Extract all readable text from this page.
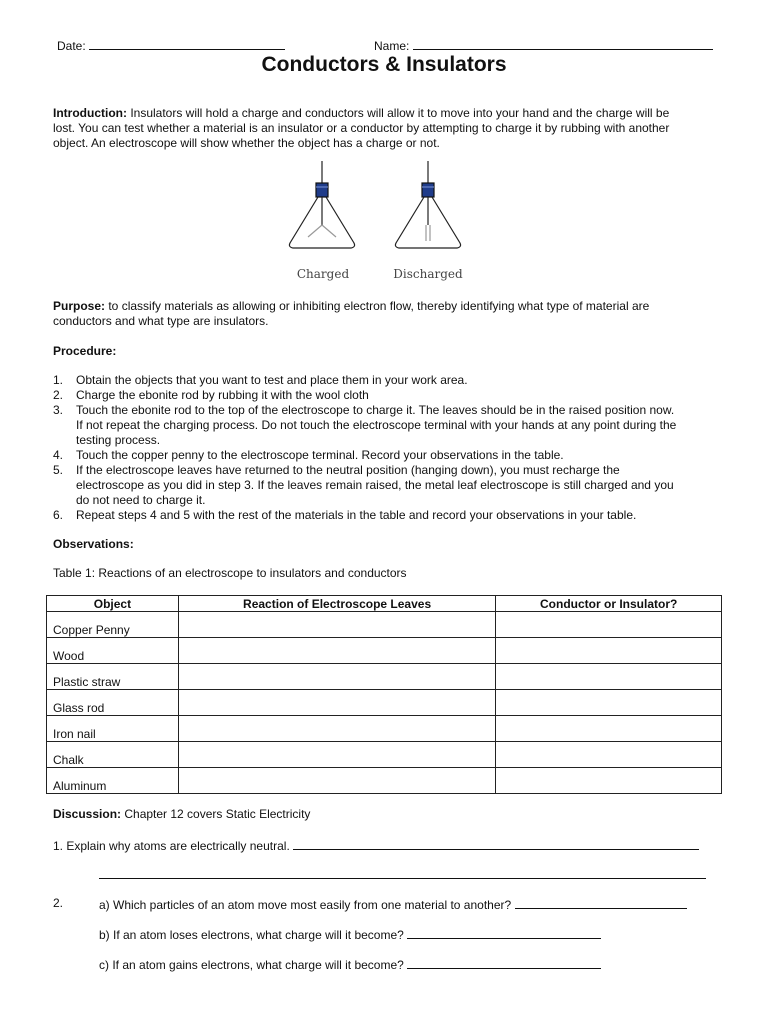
Date:	Name:
Conductors & Insulators
Introduction: Insulators will hold a charge and conductors will allow it to move into your hand and the charge will be
lost. You can test whether a material is an insulator or a conductor by attempting to charge it by rubbing with another
object. An electroscope will show whether the object has a charge or not.
Charged	Discharged
Purpose: to classify materials as allowing or inhibiting electron flow, thereby identifying what type of material are
conductors and what type are insulators.
Procedure:
1.	Obtain the objects that you want to test and place them in your work area.
2.	Charge the ebonite rod by rubbing it with the wool cloth
3.	Touch the ebonite rod to the top of the electroscope to charge it. The leaves should be in the raised position now.
If not repeat the charging process. Do not touch the electroscope terminal with your hands at any point during the
testing process.
4.	Touch the copper penny to the electroscope terminal. Record your observations in the table.
5.	If the electroscope leaves have returned to the neutral position (hanging down), you must recharge the
electroscope as you did in step 3. If the leaves remain raised, the metal leaf electroscope is still charged and you
do not need to charge it.
6.	Repeat steps 4 and 5 with the rest of the materials in the table and record your observations in your table.
Observations:
Table 1: Reactions of an electroscope to insulators and conductors
Object	Reaction of Electroscope Leaves	Conductor or Insulator?
Copper Penny		
Wood		
Plastic straw		
Glass rod		
Iron nail		
Chalk		
Aluminum		
Discussion: Chapter 12 covers Static Electricity
1. Explain why atoms are electrically neutral.
2.	a) Which particles of an atom move most easily from one material to another?
b) If an atom loses electrons, what charge will it become?
c) If an atom gains electrons, what charge will it become?
